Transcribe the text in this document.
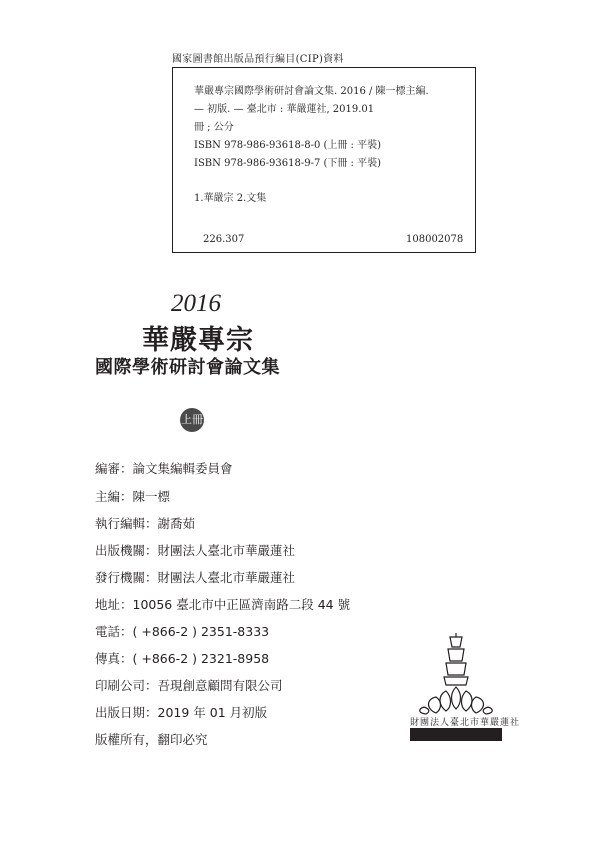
國家圖書館出版品預行編目(CIP)資料
華嚴專宗國際學術研討會論文集. 2016 / 陳一標主編.
— 初版. — 臺北市 : 華嚴蓮社, 2019.01
冊 ; 公分
ISBN 978-986-93618-8-0 (上冊 : 平裝)
ISBN 978-986-93618-9-7 (下冊 : 平裝)
1.華嚴宗 2.文集
226.307	108002078
2016
華嚴專宗
國際學術研討會論文集
上冊
編審：論文集編輯委員會
主編：陳一標
執行編輯：謝喬茹
出版機關：財團法人臺北市華嚴蓮社
發行機關：財團法人臺北市華嚴蓮社
地址：10056 臺北市中正區濟南路二段 44 號
電話：( +866-2 ) 2351-8333
傳真：( +866-2 ) 2321-8958
印刷公司：吾現創意顧問有限公司
出版日期：2019 年 01 月初版
版權所有，翻印必究
財團法人臺北市華嚴蓮社
